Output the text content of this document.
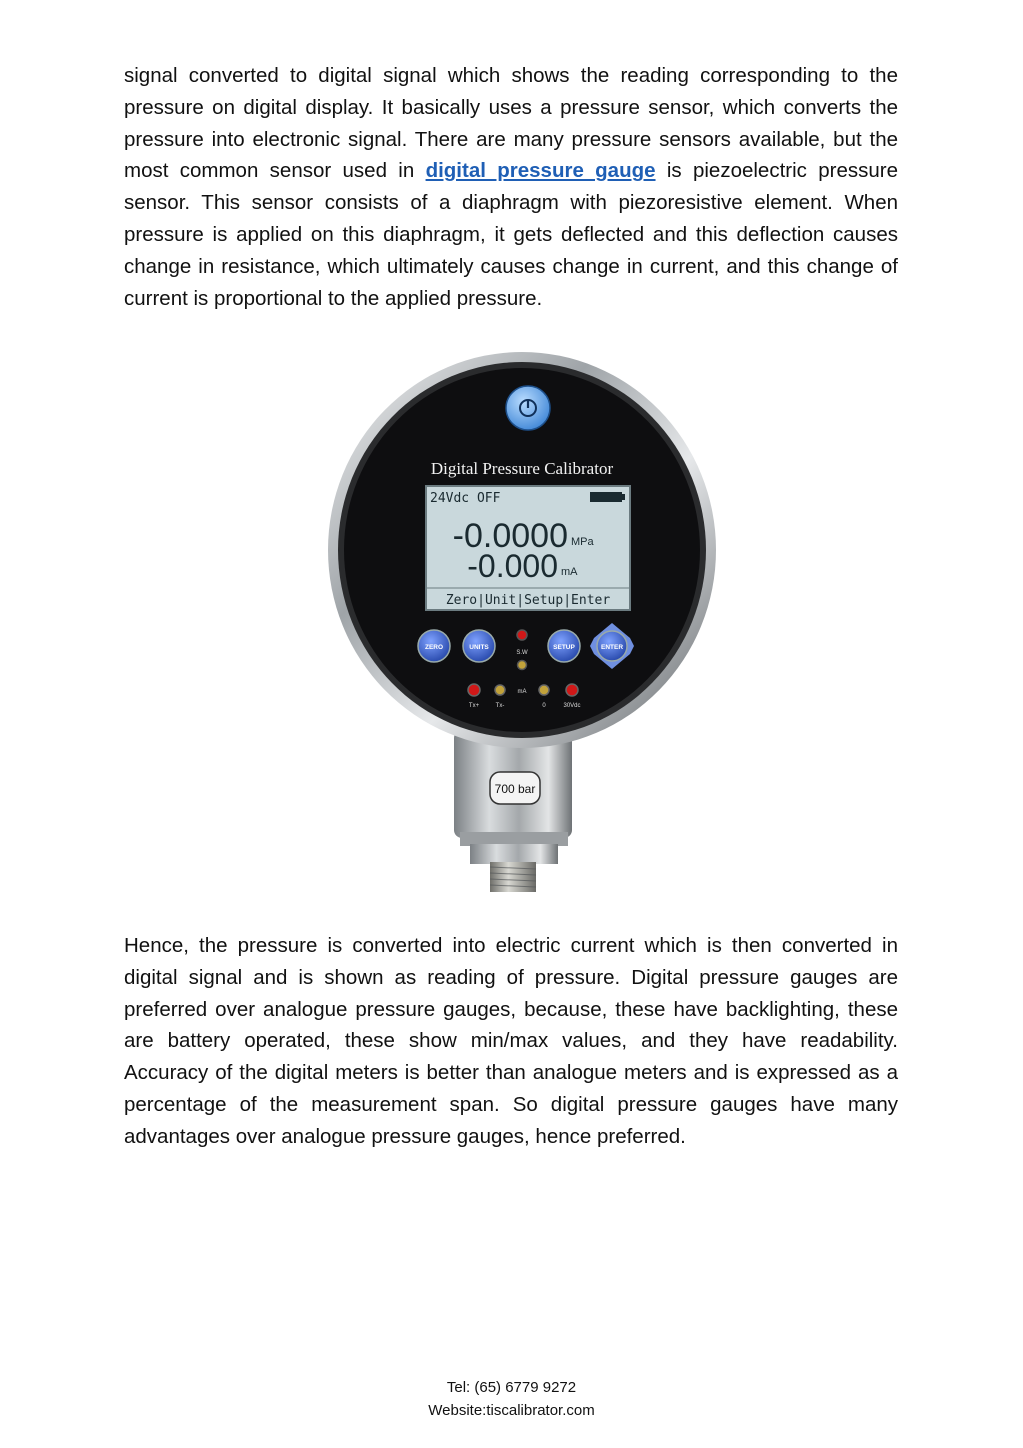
signal converted to digital signal which shows the reading corresponding to the pressure on digital display. It basically uses a pressure sensor, which converts the pressure into electronic signal. There are many pressure sensors available, but the most common sensor used in digital pressure gauge is piezoelectric pressure sensor. This sensor consists of a diaphragm with piezoresistive element. When pressure is applied on this diaphragm, it gets deflected and this deflection causes change in resistance, which ultimately causes change in current, and this change of current is proportional to the applied pressure.

700 bar
Digital Pressure Calibrator
24Vdc OFF
-0.0000 MPa
-0.000 mA
Zero|Unit|Setup|Enter
ZERO	UNITS
S.W
SETUP	ENTER
Tx+	Tx-
mA
0	30Vdc

Hence, the pressure is converted into electric current which is then converted in digital signal and is shown as reading of pressure. Digital pressure gauges are preferred over analogue pressure gauges, because, these have backlighting, these are battery operated, these show min/max values, and they have readability. Accuracy of the digital meters is better than analogue meters and is expressed as a percentage of the measurement span. So digital pressure gauges have many advantages over analogue pressure gauges, hence preferred.

Tel: (65) 6779 9272
Website:tiscalibrator.com
